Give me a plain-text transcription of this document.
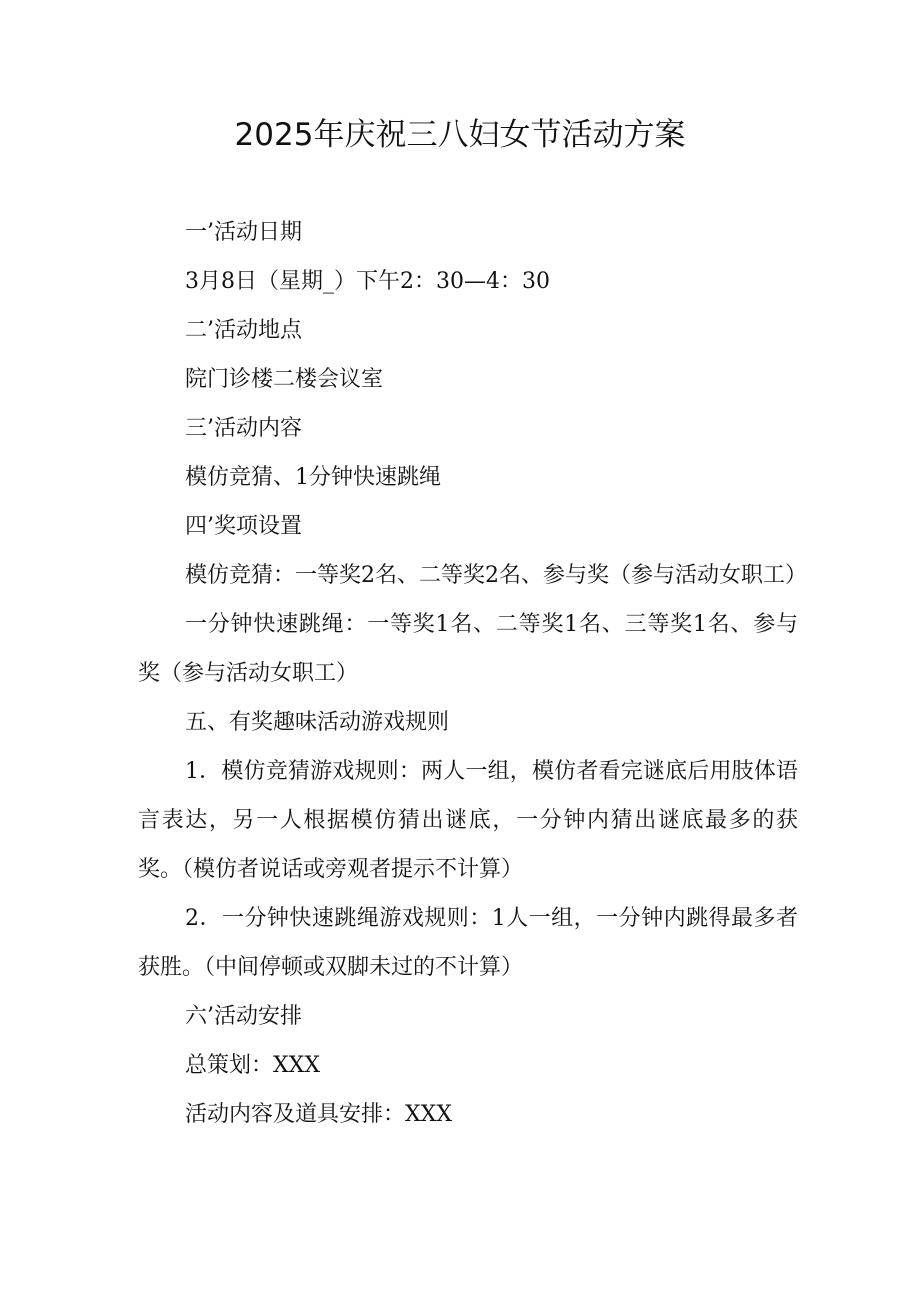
2025年庆祝三八妇女节活动方案

一’活动日期

3月8日（星期_）下午2：30—4：30

二’活动地点

院门诊楼二楼会议室

三’活动内容

模仿竞猜、1分钟快速跳绳

四’奖项设置

模仿竞猜：一等奖2名、二等奖2名、参与奖（参与活动女职工）

一分钟快速跳绳：一等奖1名、二等奖1名、三等奖1名、参与奖（参与活动女职工）

五、有奖趣味活动游戏规则

1．模仿竞猜游戏规则：两人一组，模仿者看完谜底后用肢体语言表达，另一人根据模仿猜出谜底，一分钟内猜出谜底最多的获奖。（模仿者说话或旁观者提示不计算）

2．一分钟快速跳绳游戏规则：1人一组，一分钟内跳得最多者获胜。（中间停顿或双脚未过的不计算）

六’活动安排

总策划：XXX

活动内容及道具安排：XXX
